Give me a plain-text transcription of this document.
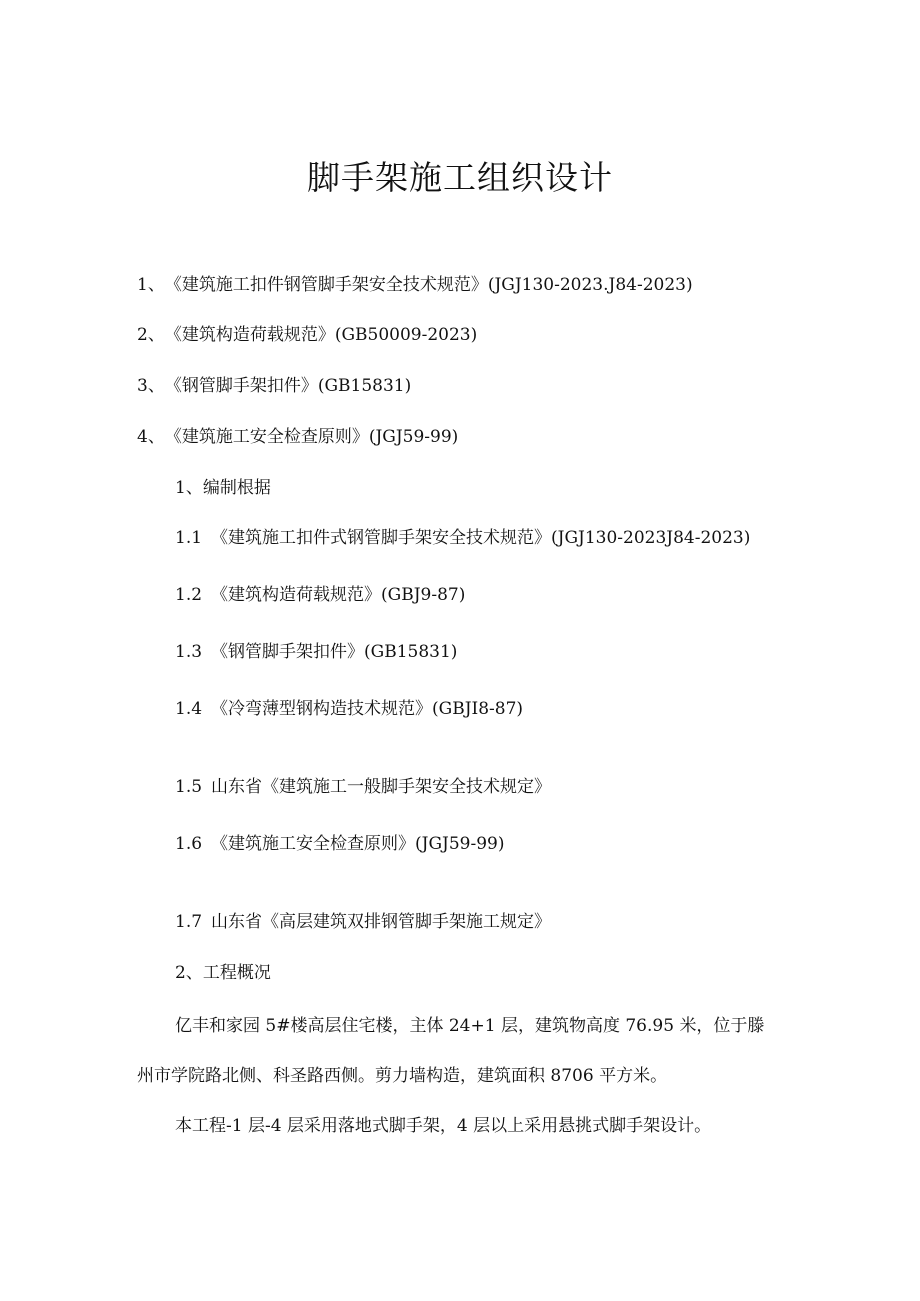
脚手架施工组织设计

1、《建筑施工扣件钢管脚手架安全技术规范》(JGJ130-2023.J84-2023)

2、《建筑构造荷载规范》(GB50009-2023)

3、《钢管脚手架扣件》(GB15831)

4、《建筑施工安全检查原则》(JGJ59-99)

1、编制根据

1.1 《建筑施工扣件式钢管脚手架安全技术规范》(JGJ130-2023J84-2023)

1.2 《建筑构造荷载规范》(GBJ9-87)

1.3 《钢管脚手架扣件》(GB15831)

1.4 《冷弯薄型钢构造技术规范》(GBJI8-87)

1.5 山东省《建筑施工一般脚手架安全技术规定》

1.6 《建筑施工安全检查原则》(JGJ59-99)

1.7 山东省《高层建筑双排钢管脚手架施工规定》

2、工程概况

亿丰和家园 5#楼高层住宅楼，主体 24+1 层，建筑物高度 76.95 米，位于滕

州市学院路北侧、科圣路西侧。剪力墙构造，建筑面积 8706 平方米。

本工程-1 层-4 层采用落地式脚手架，4 层以上采用悬挑式脚手架设计。
